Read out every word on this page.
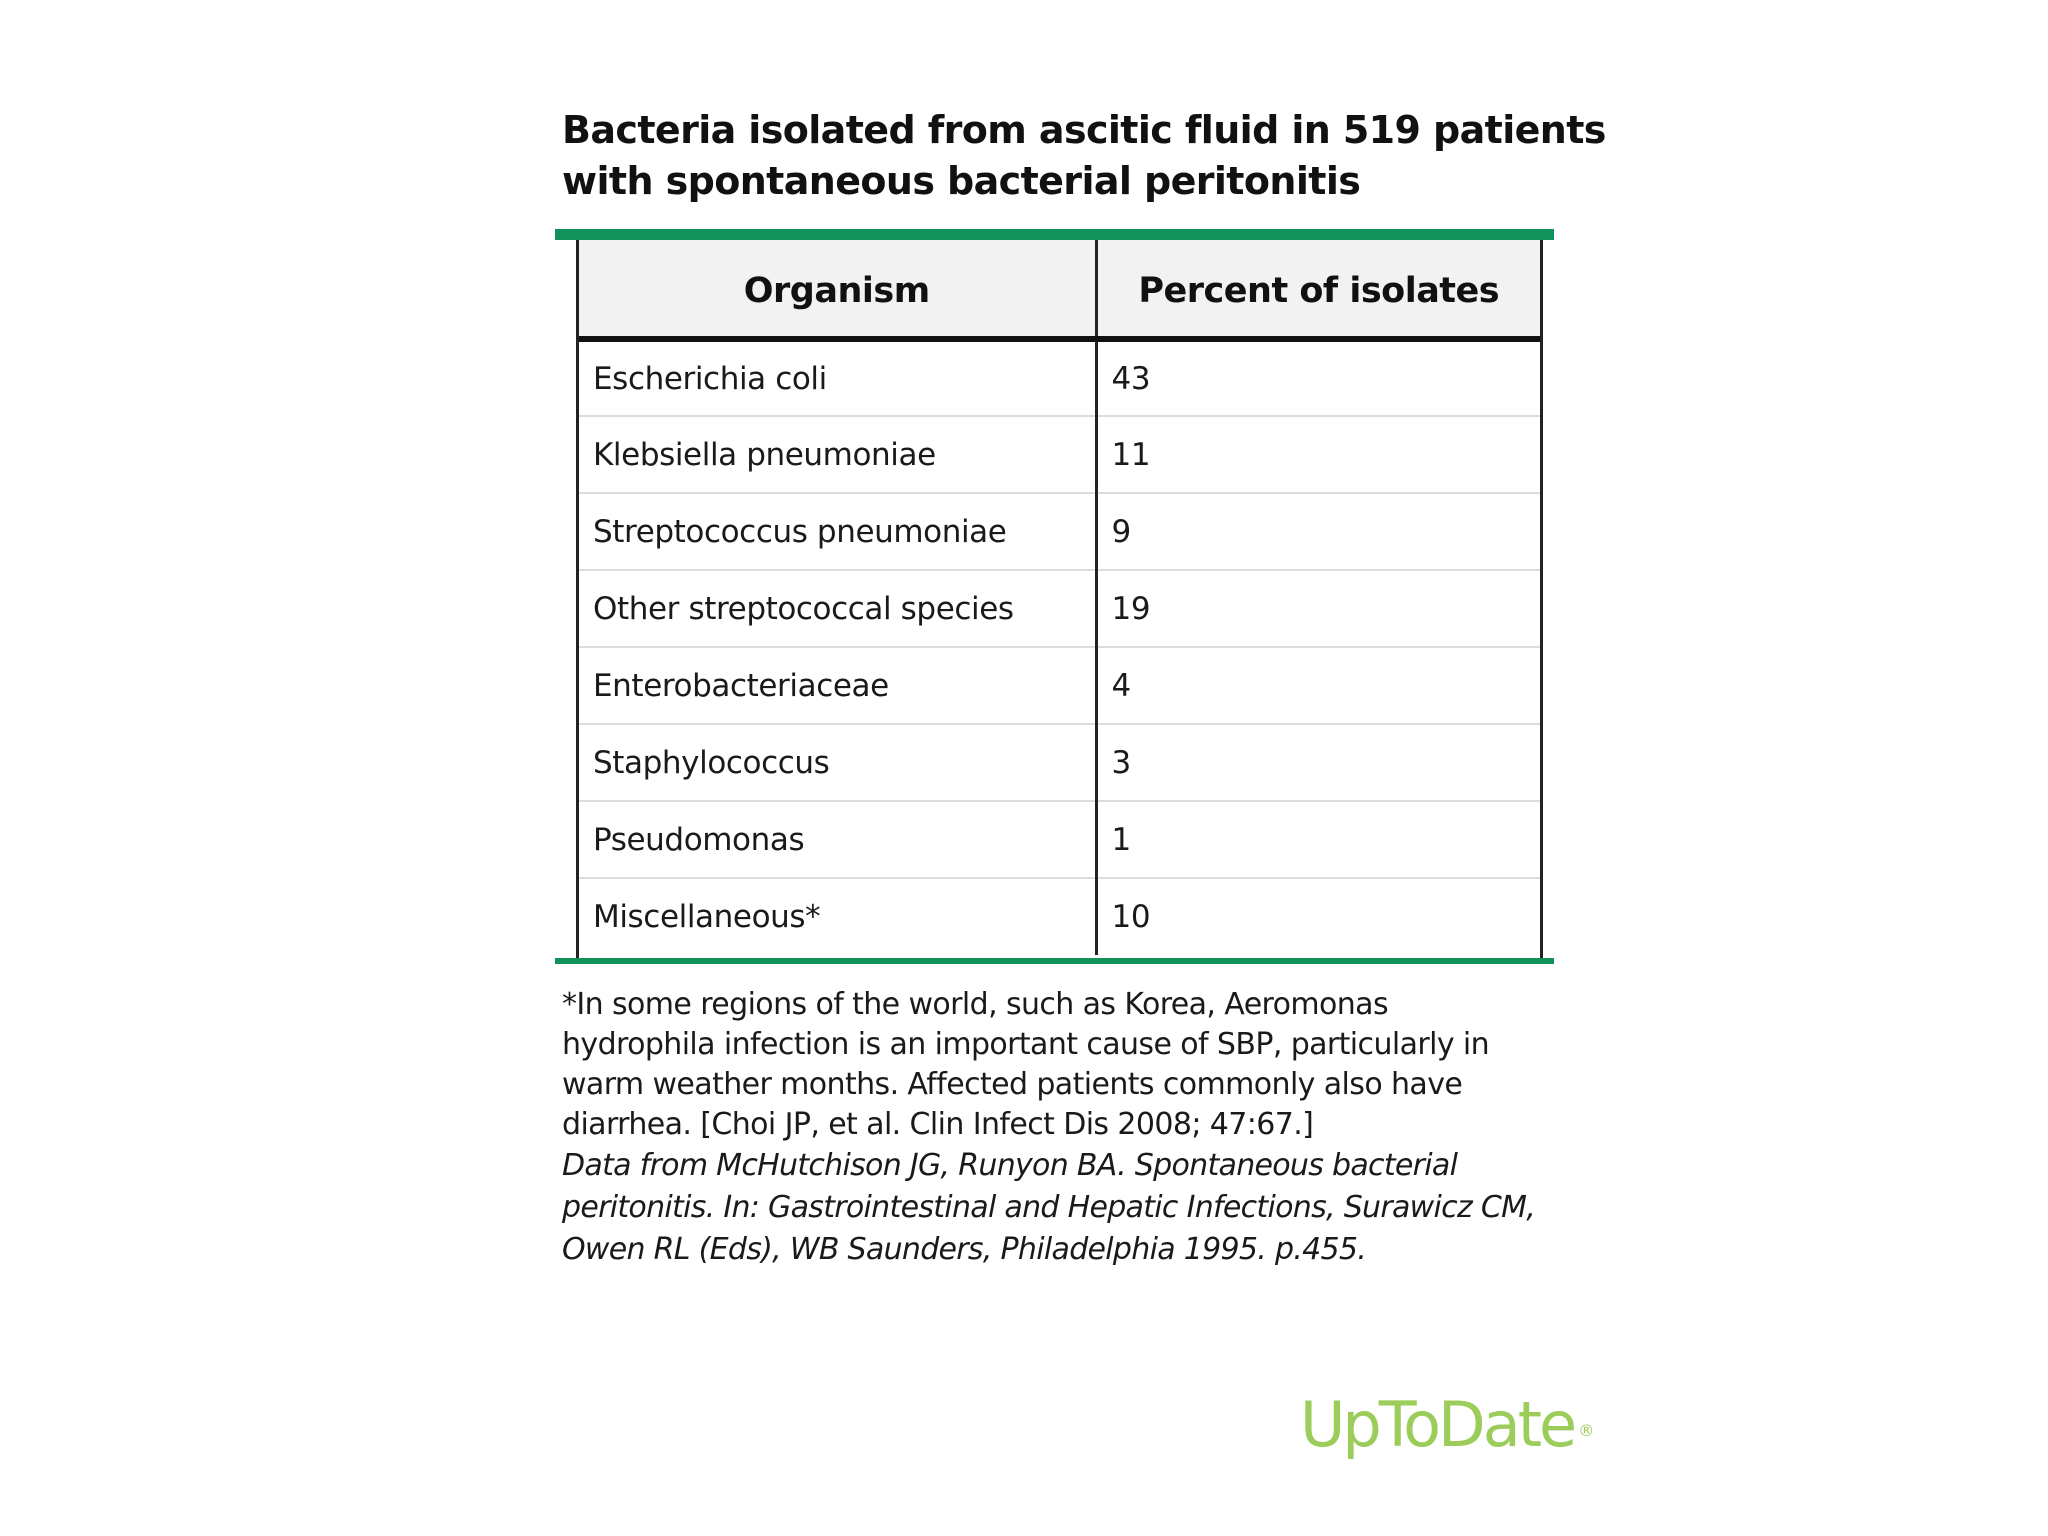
Bacteria isolated from ascitic fluid in 519 patients
with spontaneous bacterial peritonitis
Organism	Percent of isolates
Escherichia coli	43
Klebsiella pneumoniae	11
Streptococcus pneumoniae	9
Other streptococcal species	19
Enterobacteriaceae	4
Staphylococcus	3
Pseudomonas	1
Miscellaneous*	10
*In some regions of the world, such as Korea, Aeromonas
hydrophila infection is an important cause of SBP, particularly in
warm weather months. Affected patients commonly also have
diarrhea. [Choi JP, et al. Clin Infect Dis 2008; 47:67.]
Data from McHutchison JG, Runyon BA. Spontaneous bacterial
peritonitis. In: Gastrointestinal and Hepatic Infections, Surawicz CM,
Owen RL (Eds), WB Saunders, Philadelphia 1995. p.455.
UpToDate ®
